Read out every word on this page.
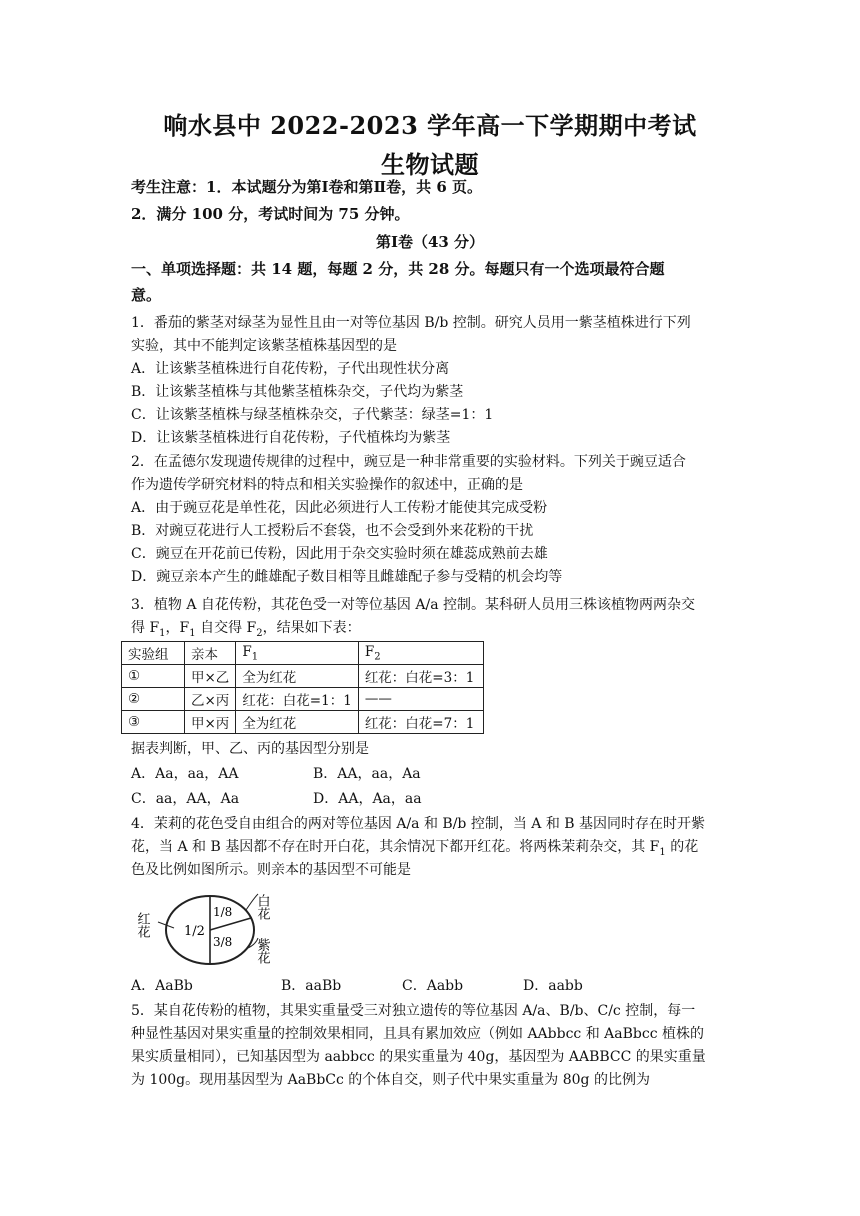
响水县中 2022-2023 学年高一下学期期中考试
生物试题
考生注意：1．本试题分为第Ⅰ卷和第Ⅱ卷，共 6 页。
2．满分 100 分，考试时间为 75 分钟。
第Ⅰ卷（43 分）
一、单项选择题：共 14 题，每题 2 分，共 28 分。每题只有一个选项最符合题
意。
1．番茄的紫茎对绿茎为显性且由一对等位基因 B/b 控制。研究人员用一紫茎植株进行下列
实验，其中不能判定该紫茎植株基因型的是
A．让该紫茎植株进行自花传粉，子代出现性状分离
B．让该紫茎植株与其他紫茎植株杂交，子代均为紫茎
C．让该紫茎植株与绿茎植株杂交，子代紫茎：绿茎=1：1
D．让该紫茎植株进行自花传粉，子代植株均为紫茎
2．在孟德尔发现遗传规律的过程中，豌豆是一种非常重要的实验材料。下列关于豌豆适合
作为遗传学研究材料的特点和相关实验操作的叙述中，正确的是
A．由于豌豆花是单性花，因此必须进行人工传粉才能使其完成受粉
B．对豌豆花进行人工授粉后不套袋，也不会受到外来花粉的干扰
C．豌豆在开花前已传粉，因此用于杂交实验时须在雄蕊成熟前去雄
D．豌豆亲本产生的雌雄配子数目相等且雌雄配子参与受精的机会均等
3．植物 A 自花传粉，其花色受一对等位基因 A/a 控制。某科研人员用三株该植物两两杂交
得 $F_1$，$F_1$ 自交得 $F_2$，结果如下表：
实验组	亲本	$F_1$	$F_2$
①	甲×乙	全为红花	红花：白花=3：1
②	乙×丙	红花：白花=1：1	——
③	甲×丙	全为红花	红花：白花=7：1
据表判断，甲、乙、丙的基因型分别是
A．Aa，aa，AA	B．AA，aa，Aa
C．aa，AA，Aa	D．AA，Aa，aa
4．茉莉的花色受自由组合的两对等位基因 A/a 和 B/b 控制，当 A 和 B 基因同时存在时开紫
花，当 A 和 B 基因都不存在时开白花，其余情况下都开红花。将两株茉莉杂交，其 $F_1$ 的花
色及比例如图所示。则亲本的基因型不可能是
红花	1/2
1/8
3/8
白花
紫花
A．AaBb	B．aaBb	C．Aabb	D．aabb
5．某自花传粉的植物，其果实重量受三对独立遗传的等位基因 A/a、B/b、C/c 控制，每一
种显性基因对果实重量的控制效果相同，且具有累加效应（例如 AAbbcc 和 AaBbcc 植株的
果实质量相同），已知基因型为 aabbcc 的果实重量为 40g，基因型为 AABBCC 的果实重量
为 100g。现用基因型为 AaBbCc 的个体自交，则子代中果实重量为 80g 的比例为
